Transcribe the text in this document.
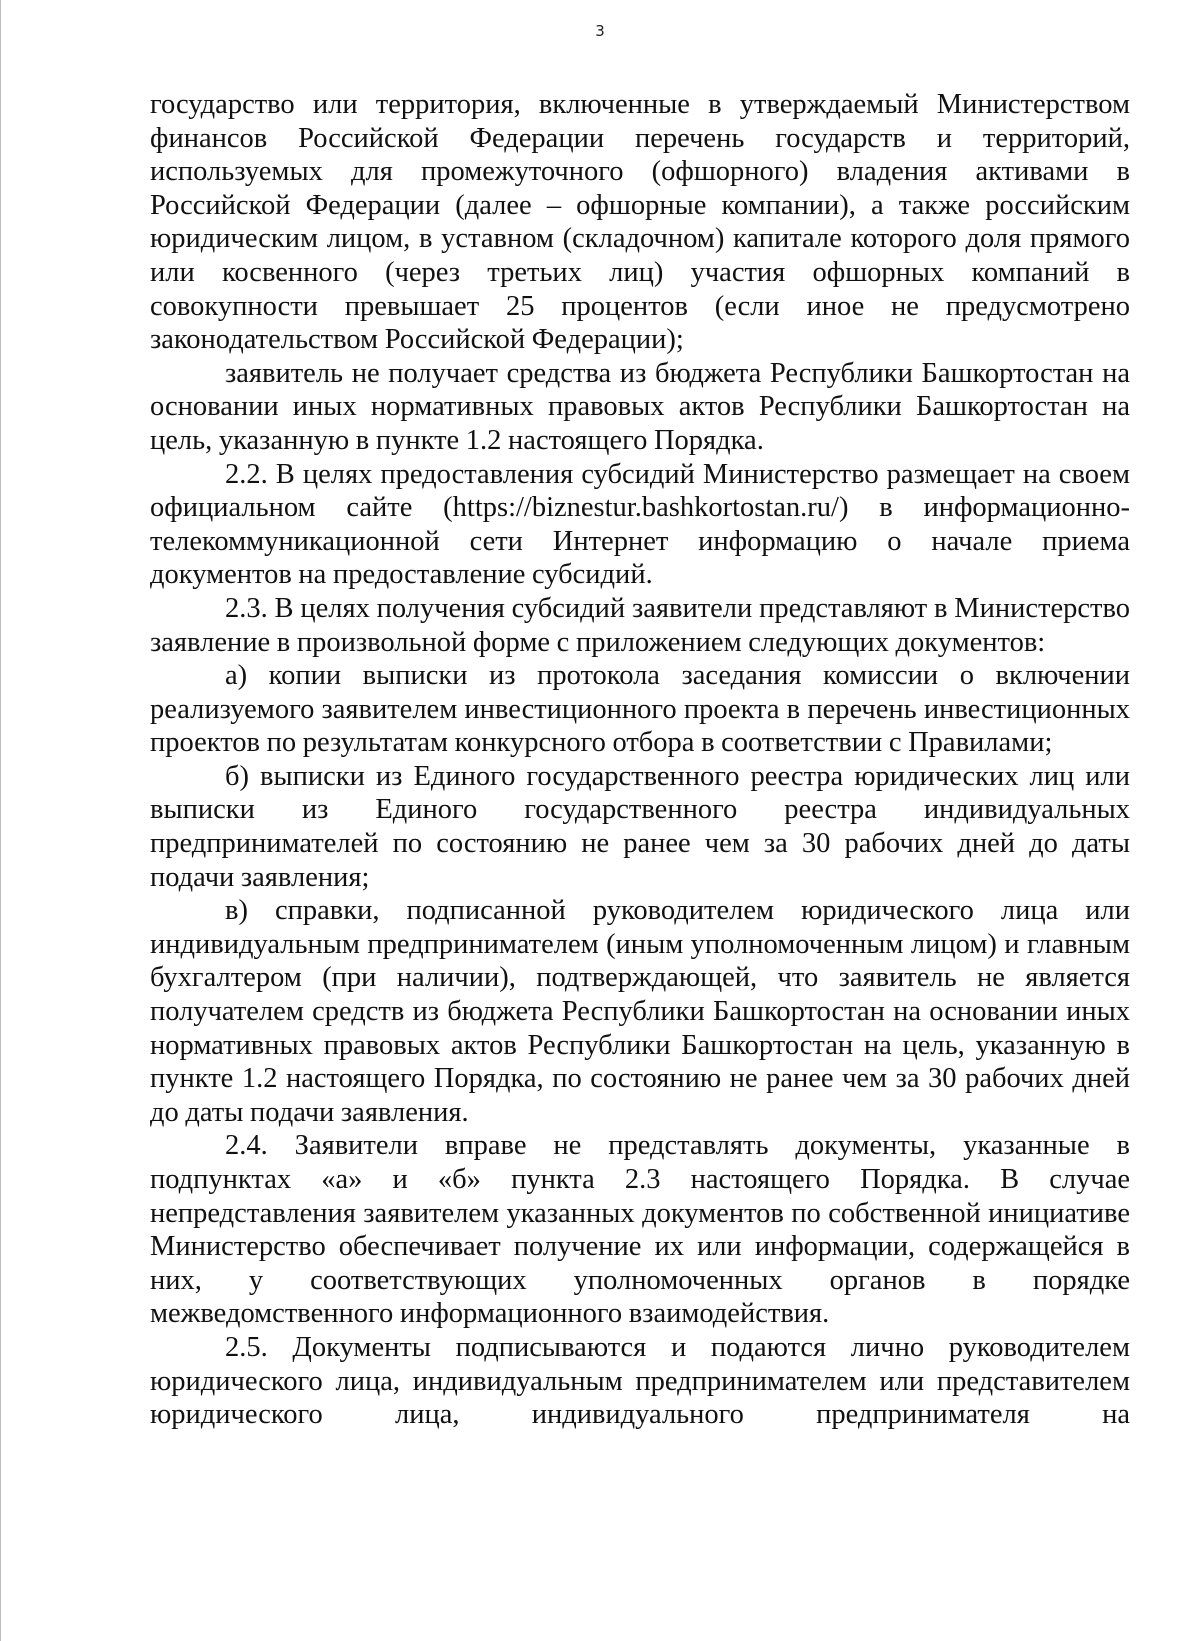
3

государство или территория, включенные в утверждаемый Министерством финансов Российской Федерации перечень государств и территорий, используемых для промежуточного (офшорного) владения активами в Российской Федерации (далее – офшорные компании), а также российским юридическим лицом, в уставном (складочном) капитале которого доля прямого или косвенного (через третьих лиц) участия офшорных компаний в совокупности превышает 25 процентов (если иное не предусмотрено законодательством Российской Федерации);

заявитель не получает средства из бюджета Республики Башкортостан на основании иных нормативных правовых актов Республики Башкортостан на цель, указанную в пункте 1.2 настоящего Порядка.

2.2. В целях предоставления субсидий Министерство размещает на своем официальном сайте (https://biznestur.bashkortostan.ru/) в информационно-телекоммуникационной сети Интернет информацию о начале приема документов на предоставление субсидий.

2.3. В целях получения субсидий заявители представляют в Министерство заявление в произвольной форме с приложением следующих документов:

а) копии выписки из протокола заседания комиссии о включении реализуемого заявителем инвестиционного проекта в перечень инвестиционных проектов по результатам конкурсного отбора в соответствии с Правилами;

б) выписки из Единого государственного реестра юридических лиц или выписки из Единого государственного реестра индивидуальных предпринимателей по состоянию не ранее чем за 30 рабочих дней до даты подачи заявления;

в) справки, подписанной руководителем юридического лица или индивидуальным предпринимателем (иным уполномоченным лицом) и главным бухгалтером (при наличии), подтверждающей, что заявитель не является получателем средств из бюджета Республики Башкортостан на основании иных нормативных правовых актов Республики Башкортостан на цель, указанную в пункте 1.2 настоящего Порядка, по состоянию не ранее чем за 30 рабочих дней до даты подачи заявления.

2.4. Заявители вправе не представлять документы, указанные в подпунктах «а» и «б» пункта 2.3 настоящего Порядка. В случае непредставления заявителем указанных документов по собственной инициативе Министерство обеспечивает получение их или информации, содержащейся в них, у соответствующих уполномоченных органов в порядке межведомственного информационного взаимодействия.

2.5. Документы подписываются и подаются лично руководителем юридического лица, индивидуальным предпринимателем или представителем юридического лица, индивидуального предпринимателя на
